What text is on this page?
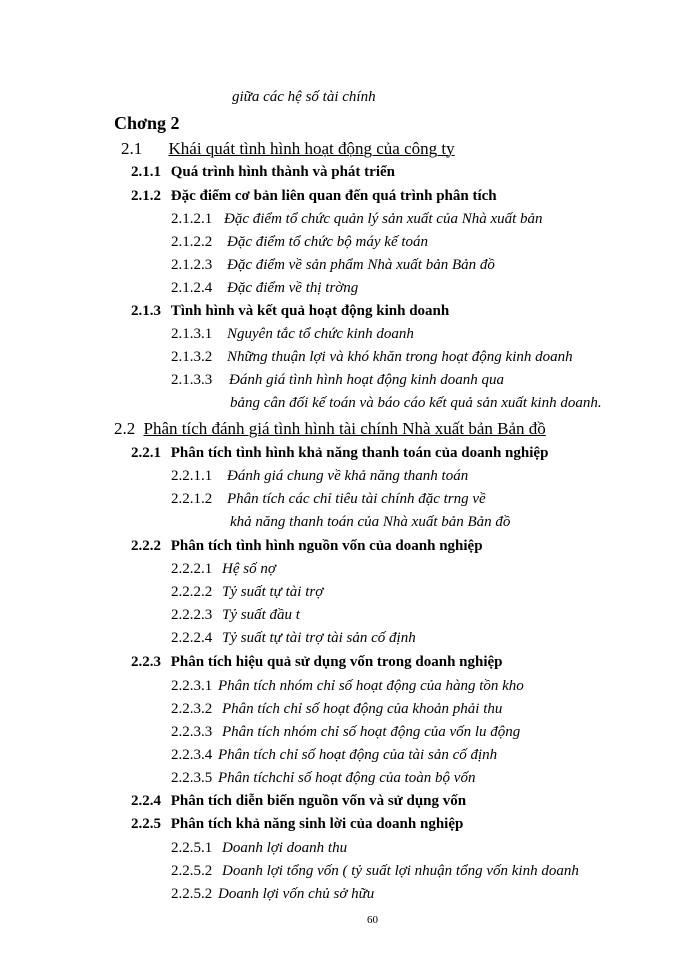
giữa các hệ số tài chính
Chơng 2
2.1 Khái quát tình hình hoạt động của công ty
2.1.1 Quá trình hình thành và phát triển
2.1.2 Đặc điểm cơ bản liên quan đến quá trình phân tích
2.1.2.1 Đặc điểm tổ chức quản lý sản xuất của Nhà xuất bản
2.1.2.2 Đặc điểm tổ chức bộ máy kế toán
2.1.2.3 Đặc điểm về sản phẩm Nhà xuất bản Bản đồ
2.1.2.4 Đặc điểm về thị trờng
2.1.3 Tình hình và kết quả hoạt động kinh doanh
2.1.3.1 Nguyên tắc tổ chức kinh doanh
2.1.3.2 Những thuận lợi và khó khăn trong hoạt động kinh doanh
2.1.3.3 Đánh giá tình hình hoạt động kinh doanh qua
bảng cân đối kế toán và báo cáo kết quả sản xuất kinh doanh.
2.2 Phân tích đánh giá tình hình tài chính Nhà xuất bản Bản đồ
2.2.1 Phân tích tình hình khả năng thanh toán của doanh nghiệp
2.2.1.1 Đánh giá chung về khả năng thanh toán
2.2.1.2 Phân tích các chỉ tiêu tài chính đặc trng về
khả năng thanh toán của Nhà xuất bản Bản đồ
2.2.2 Phân tích tình hình nguồn vốn của doanh nghiệp
2.2.2.1 Hệ số nợ
2.2.2.2 Tỷ suất tự tài trợ
2.2.2.3 Tỷ suất đầu t
2.2.2.4 Tỷ suất tự tài trợ tài sản cố định
2.2.3 Phân tích hiệu quả sử dụng vốn trong doanh nghiệp
2.2.3.1 Phân tích nhóm chỉ số hoạt động của hàng tồn kho
2.2.3.2 Phân tích chỉ số hoạt động của khoản phải thu
2.2.3.3 Phân tích nhóm chỉ số hoạt động của vốn lu động
2.2.3.4 Phân tích chỉ số hoạt động của tài sản cố định
2.2.3.5 Phân tíchchỉ số hoạt động của toàn bộ vốn
2.2.4 Phân tích diễn biến nguồn vốn và sử dụng vốn
2.2.5 Phân tích khả năng sinh lời của doanh nghiệp
2.2.5.1 Doanh lợi doanh thu
2.2.5.2 Doanh lợi tổng vốn ( tỷ suất lợi nhuận tổng vốn kinh doanh
2.2.5.2 Doanh lợi vốn chủ sở hữu
60
